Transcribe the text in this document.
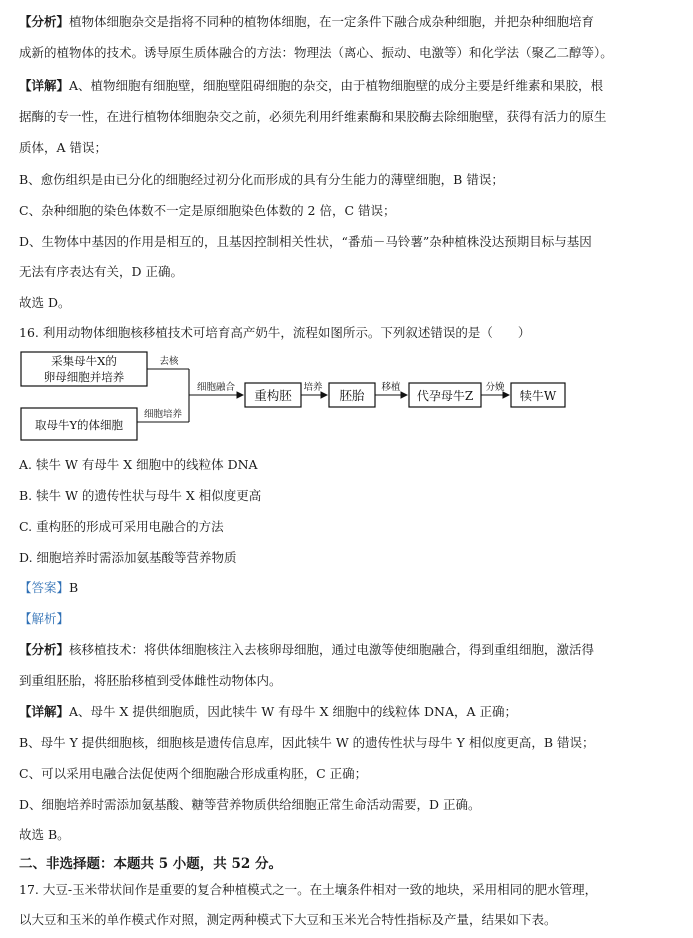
【分析】植物体细胞杂交是指将不同种的植物体细胞，在一定条件下融合成杂种细胞，并把杂种细胞培育
成新的植物体的技术。诱导原生质体融合的方法：物理法（离心、振动、电激等）和化学法（聚乙二醇等）。
【详解】A、植物细胞有细胞壁，细胞壁阻碍细胞的杂交，由于植物细胞壁的成分主要是纤维素和果胶，根
据酶的专一性，在进行植物体细胞杂交之前，必须先利用纤维素酶和果胶酶去除细胞壁，获得有活力的原生
质体，A 错误；
B、愈伤组织是由已分化的细胞经过初分化而形成的具有分生能力的薄壁细胞，B 错误；
C、杂种细胞的染色体数不一定是原细胞染色体数的 2 倍，C 错误；
D、生物体中基因的作用是相互的，且基因控制相关性状，“番茄－马铃薯”杂种植株没达预期目标与基因
无法有序表达有关，D 正确。
故选 D。
16. 利用动物体细胞核移植技术可培育高产奶牛，流程如图所示。下列叙述错误的是（　　）
采集母牛X的
卵母细胞并培养
取母牛Y的体细胞
去核
细胞培养
细胞融合
重构胚
培养
胚胎
移植
代孕母牛Z
分娩
犊牛W
A. 犊牛 W 有母牛 X 细胞中的线粒体 DNA
B. 犊牛 W 的遗传性状与母牛 X 相似度更高
C. 重构胚的形成可采用电融合的方法
D. 细胞培养时需添加氨基酸等营养物质
【答案】B
【解析】
【分析】核移植技术：将供体细胞核注入去核卵母细胞，通过电激等使细胞融合，得到重组细胞，激活得
到重组胚胎，将胚胎移植到受体雌性动物体内。
【详解】A、母牛 X 提供细胞质，因此犊牛 W 有母牛 X 细胞中的线粒体 DNA，A 正确；
B、母牛 Y 提供细胞核，细胞核是遗传信息库，因此犊牛 W 的遗传性状与母牛 Y 相似度更高，B 错误；
C、可以采用电融合法促使两个细胞融合形成重构胚，C 正确；
D、细胞培养时需添加氨基酸、糖等营养物质供给细胞正常生命活动需要，D 正确。
故选 B。
二、非选择题：本题共 5 小题，共 52 分。
17. 大豆-玉米带状间作是重要的复合种植模式之一。在土壤条件相对一致的地块，采用相同的肥水管理，
以大豆和玉米的单作模式作对照，测定两种模式下大豆和玉米光合特性指标及产量，结果如下表。
